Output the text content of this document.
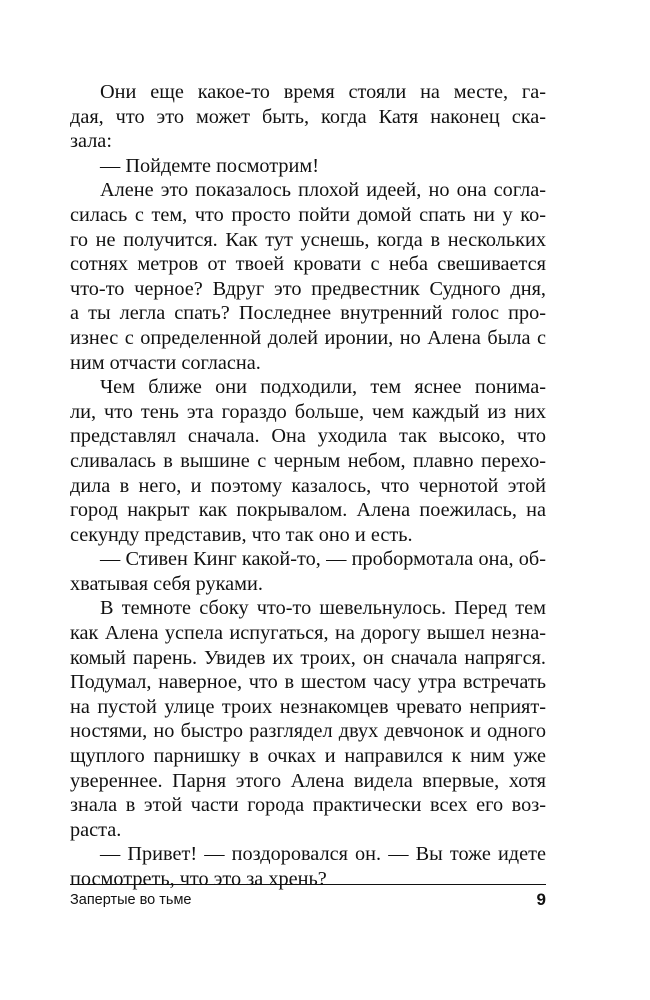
Они еще какое-то время стояли на месте, га-
дая, что это может быть, когда Катя наконец ска-
зала:
— Пойдемте посмотрим!
Алене это показалось плохой идеей, но она согла-
силась с тем, что просто пойти домой спать ни у ко-
го не получится. Как тут уснешь, когда в нескольких
сотнях метров от твоей кровати с неба свешивается
что-то черное? Вдруг это предвестник Судного дня,
а ты легла спать? Последнее внутренний голос про-
изнес с определенной долей иронии, но Алена была с
ним отчасти согласна.
Чем ближе они подходили, тем яснее понима-
ли, что тень эта гораздо больше, чем каждый из них
представлял сначала. Она уходила так высоко, что
сливалась в вышине с черным небом, плавно перехо-
дила в него, и поэтому казалось, что чернотой этой
город накрыт как покрывалом. Алена поежилась, на
секунду представив, что так оно и есть.
— Стивен Кинг какой-то, — пробормотала она, об-
хватывая себя руками.
В темноте сбоку что-то шевельнулось. Перед тем
как Алена успела испугаться, на дорогу вышел незна-
комый парень. Увидев их троих, он сначала напрягся.
Подумал, наверное, что в шестом часу утра встречать
на пустой улице троих незнакомцев чревато неприят-
ностями, но быстро разглядел двух девчонок и одного
щуплого парнишку в очках и направился к ним уже
увереннее. Парня этого Алена видела впервые, хотя
знала в этой части города практически всех его воз-
раста.
— Привет! — поздоровался он. — Вы тоже идете
посмотреть, что это за хрень?
Запертые во тьме	9
